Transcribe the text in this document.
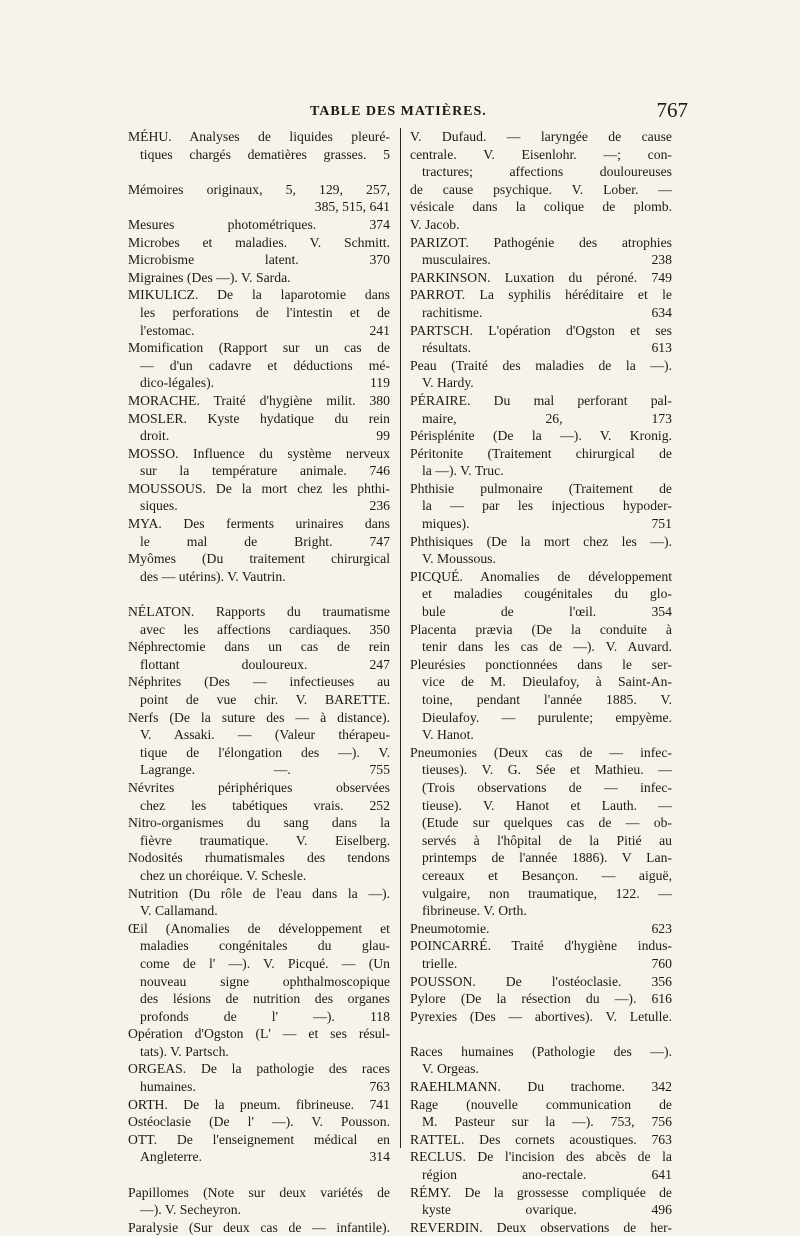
TABLE DES MATIÈRES.	767
MÉHU. Analyses de liquides pleuré-
tiques chargés dematières grasses. 5
Mémoires originaux, 5, 129, 257,
385, 515, 641
Mesures photométriques. 374
Microbes et maladies. V. Schmitt.
Microbisme latent. 370
Migraines (Des —). V. Sarda.
MIKULICZ. De la laparotomie dans
les perforations de l'intestin et de
l'estomac. 241
Momification (Rapport sur un cas de
— d'un cadavre et déductions mé-
dico-légales). 119
MORACHE. Traité d'hygiène milit. 380
MOSLER. Kyste hydatique du rein
droit. 99
MOSSO. Influence du système nerveux
sur la température animale. 746
MOUSSOUS. De la mort chez les phthi-
siques. 236
MYA. Des ferments urinaires dans
le mal de Bright. 747
Myômes (Du traitement chirurgical
des — utérins). V. Vautrin.
NÉLATON. Rapports du traumatisme
avec les affections cardiaques. 350
Néphrectomie dans un cas de rein
flottant douloureux. 247
Néphrites (Des — infectieuses au
point de vue chir. V. BARETTE.
Nerfs (De la suture des — à distance).
V. Assaki. — (Valeur thérapeu-
tique de l'élongation des —). V.
Lagrange. —. 755
Névrites périphériques observées
chez les tabétiques vrais. 252
Nitro-organismes du sang dans la
fièvre traumatique. V. Eiselberg.
Nodosités rhumatismales des tendons
chez un choréique. V. Schesle.
Nutrition (Du rôle de l'eau dans la —).
V. Callamand.
Œil (Anomalies de développement et
maladies congénitales du glau-
come de l' —). V. Picqué. — (Un
nouveau signe ophthalmoscopique
des lésions de nutrition des organes
profonds de l' —). 118
Opération d'Ogston (L' — et ses résul-
tats). V. Partsch.
ORGEAS. De la pathologie des races
humaines. 763
ORTH. De la pneum. fibrineuse. 741
Ostéoclasie (De l' —). V. Pousson.
OTT. De l'enseignement médical en
Angleterre. 314
Papillomes (Note sur deux variétés de
—). V. Secheyron.
Paralysie (Sur deux cas de — infantile).
V. Dufaud. — laryngée de cause
centrale. V. Eisenlohr. —; con-
tractures; affections douloureuses
de cause psychique. V. Lober. —
vésicale dans la colique de plomb.
V. Jacob.
PARIZOT. Pathogénie des atrophies
musculaires. 238
PARKINSON. Luxation du péroné. 749
PARROT. La syphilis héréditaire et le
rachitisme. 634
PARTSCH. L'opération d'Ogston et ses
résultats. 613
Peau (Traité des maladies de la —).
V. Hardy.
PÉRAIRE. Du mal perforant pal-
maire, 26, 173
Périsplénite (De la —). V. Kronig.
Péritonite (Traitement chirurgical de
la —). V. Truc.
Phthisie pulmonaire (Traitement de
la — par les injectious hypoder-
miques). 751
Phthisiques (De la mort chez les —).
V. Moussous.
PICQUÉ. Anomalies de développement
et maladies cougénitales du glo-
bule de l'œil. 354
Placenta prævia (De la conduite à
tenir dans les cas de —). V. Auvard.
Pleurésies ponctionnées dans le ser-
vice de M. Dieulafoy, à Saint-An-
toine, pendant l'année 1885. V.
Dieulafoy. — purulente; empyème.
V. Hanot.
Pneumonies (Deux cas de — infec-
tieuses). V. G. Sée et Mathieu. —
(Trois observations de — infec-
tieuse). V. Hanot et Lauth. —
(Etude sur quelques cas de — ob-
servés à l'hôpital de la Pitié au
printemps de l'année 1886). V Lan-
cereaux et Besançon. — aiguë,
vulgaire, non traumatique, 122. —
fibrineuse. V. Orth.
Pneumotomie. 623
POINCARRÉ. Traité d'hygiène indus-
trielle. 760
POUSSON. De l'ostéoclasie. 356
Pylore (De la résection du —). 616
Pyrexies (Des — abortives). V. Letulle.
Races humaines (Pathologie des —).
V. Orgeas.
RAEHLMANN. Du trachome. 342
Rage (nouvelle communication de
M. Pasteur sur la —). 753, 756
RATTEL. Des cornets acoustiques. 763
RECLUS. De l'incision des abcès de la
région ano-rectale. 641
RÉMY. De la grossesse compliquée de
kyste ovarique. 496
REVERDIN. Deux observations de her-
